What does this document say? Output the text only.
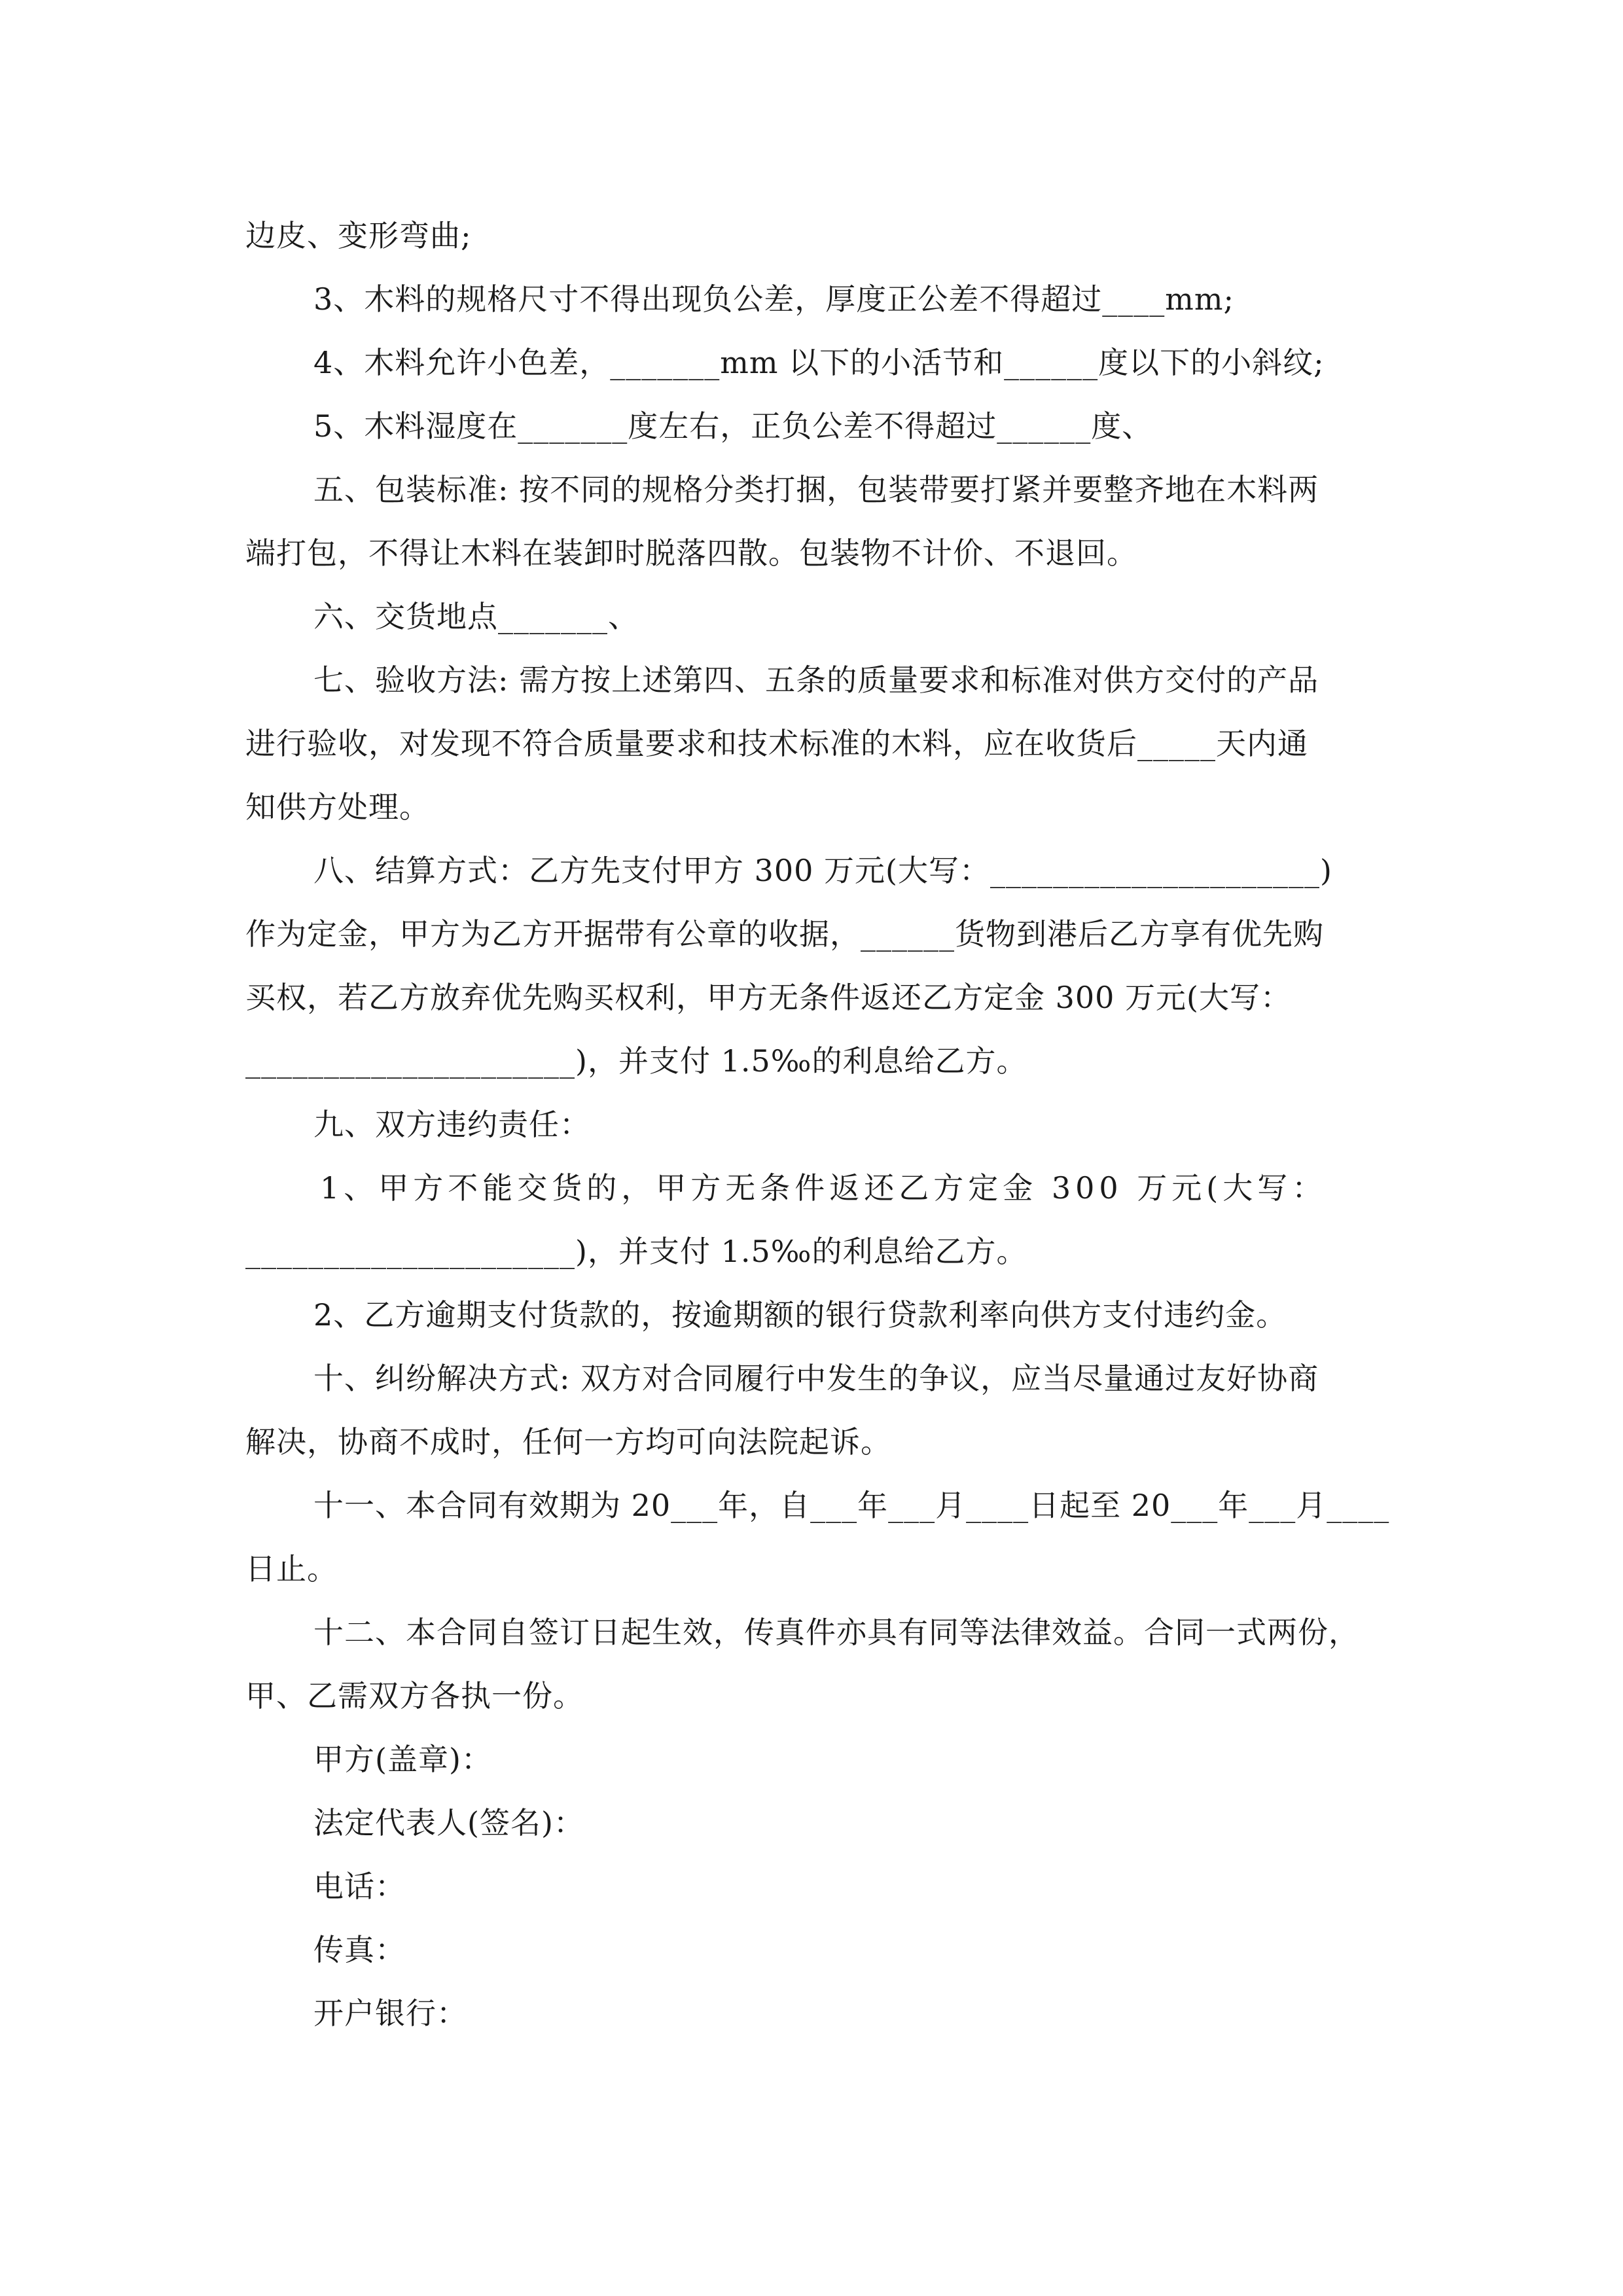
边皮、变形弯曲;
3、木料的规格尺寸不得出现负公差，厚度正公差不得超过____mm;
4、木料允许小色差，_______mm 以下的小活节和______度以下的小斜纹;
5、木料湿度在_______度左右，正负公差不得超过______度、
五、包装标准: 按不同的规格分类打捆，包装带要打紧并要整齐地在木料两
端打包，不得让木料在装卸时脱落四散。包装物不计价、不退回。
六、交货地点_______、
七、验收方法: 需方按上述第四、五条的质量要求和标准对供方交付的产品
进行验收，对发现不符合质量要求和技术标准的木料，应在收货后_____天内通
知供方处理。
八、结算方式：乙方先支付甲方 300 万元(大写：_____________________)
作为定金，甲方为乙方开据带有公章的收据，______货物到港后乙方享有优先购
买权，若乙方放弃优先购买权利，甲方无条件返还乙方定金 300 万元(大写：
_____________________)，并支付 1.5‰的利息给乙方。
九、双方违约责任：
1、甲方不能交货的，甲方无条件返还乙方定金 300 万元(大写：
_____________________)，并支付 1.5‰的利息给乙方。
2、乙方逾期支付货款的，按逾期额的银行贷款利率向供方支付违约金。
十、纠纷解决方式: 双方对合同履行中发生的争议，应当尽量通过友好协商
解决，协商不成时，任何一方均可向法院起诉。
十一、本合同有效期为 20___年，自___年___月____日起至 20___年___月____
日止。
十二、本合同自签订日起生效，传真件亦具有同等法律效益。合同一式两份，
甲、乙需双方各执一份。
甲方(盖章)：
法定代表人(签名)：
电话：
传真：
开户银行：
